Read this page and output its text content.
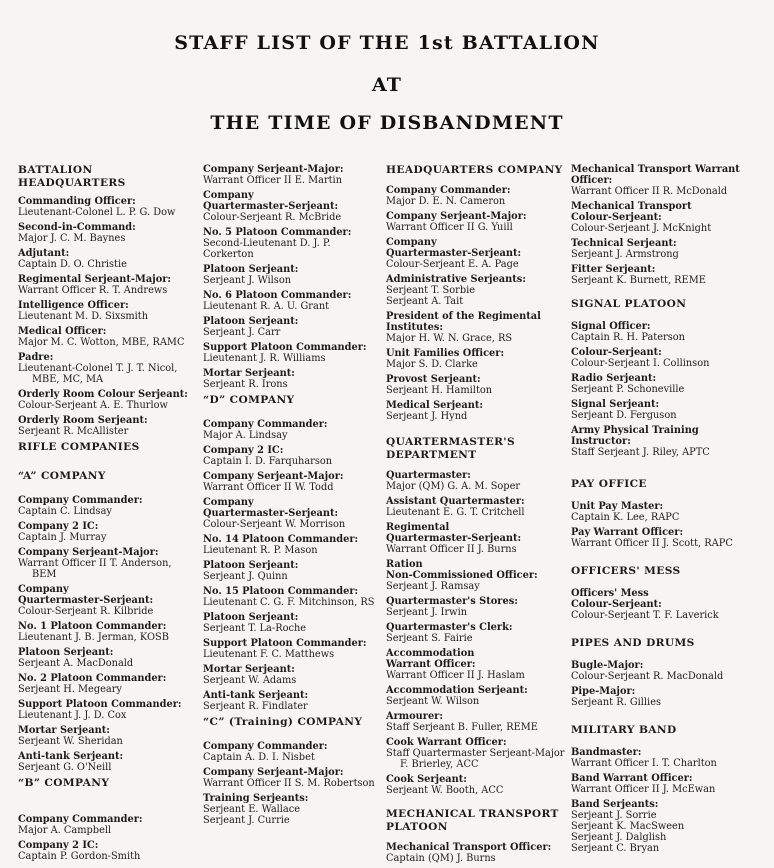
STAFF LIST OF THE 1st BATTALION
AT
THE TIME OF DISBANDMENT
BATTALION
HEADQUARTERS
Commanding Officer:
Lieutenant-Colonel L. P. G. Dow
Second-in-Command:
Major J. C. M. Baynes
Adjutant:
Captain D. O. Christie
Regimental Serjeant-Major:
Warrant Officer R. T. Andrews
Intelligence Officer:
Lieutenant M. D. Sixsmith
Medical Officer:
Major M. C. Wotton, MBE, RAMC
Padre:
Lieutenant-Colonel T. J. T. Nicol,
MBE, MC, MA
Orderly Room Colour Serjeant:
Colour-Serjeant A. E. Thurlow
Orderly Room Serjeant:
Serjeant R. McAllister
RIFLE COMPANIES
“A” COMPANY
Company Commander:
Captain C. Lindsay
Company 2 IC:
Captain J. Murray
Company Serjeant-Major:
Warrant Officer II T. Anderson,
BEM
Company
Quartermaster-Serjeant:
Colour-Serjeant R. Kilbride
No. 1 Platoon Commander:
Lieutenant J. B. Jerman, KOSB
Platoon Serjeant:
Serjeant A. MacDonald
No. 2 Platoon Commander:
Serjeant H. Megeary
Support Platoon Commander:
Lieutenant J. J. D. Cox
Mortar Serjeant:
Serjeant W. Sheridan
Anti-tank Serjeant:
Serjeant G. O'Neill
“B” COMPANY
Company Commander:
Major A. Campbell
Company 2 IC:
Captain P. Gordon-Smith
Company Serjeant-Major:
Warrant Officer II E. Martin
Company
Quartermaster-Serjeant:
Colour-Serjeant R. McBride
No. 5 Platoon Commander:
Second-Lieutenant D. J. P. Corkerton
Platoon Serjeant:
Serjeant J. Wilson
No. 6 Platoon Commander:
Lieutenant R. A. U. Grant
Platoon Serjeant:
Serjeant J. Carr
Support Platoon Commander:
Lieutenant J. R. Williams
Mortar Serjeant:
Serjeant R. Irons
“D” COMPANY
Company Commander:
Major A. Lindsay
Company 2 IC:
Captain I. D. Farquharson
Company Serjeant-Major:
Warrant Officer II W. Todd
Company
Quartermaster-Serjeant:
Colour-Serjeant W. Morrison
No. 14 Platoon Commander:
Lieutenant R. P. Mason
Platoon Serjeant:
Serjeant J. Quinn
No. 15 Platoon Commander:
Lieutenant C. G. F. Mitchinson, RS
Platoon Serjeant:
Serjeant T. La-Roche
Support Platoon Commander:
Lieutenant F. C. Matthews
Mortar Serjeant:
Serjeant W. Adams
Anti-tank Serjeant:
Serjeant R. Findlater
“C” (Training) COMPANY
Company Commander:
Captain A. D. I. Nisbet
Company Serjeant-Major:
Warrant Officer II S. M. Robertson
Training Serjeants:
Serjeant E. Wallace
Serjeant J. Currie
HEADQUARTERS COMPANY
Company Commander:
Major D. E. N. Cameron
Company Serjeant-Major:
Warrant Officer II G. Yuill
Company
Quartermaster-Serjeant:
Colour-Serjeant E. A. Page
Administrative Serjeants:
Serjeant T. Sorbie
Serjeant A. Tait
President of the Regimental
Institutes:
Major H. W. N. Grace, RS
Unit Families Officer:
Major S. D. Clarke
Provost Serjeant:
Serjeant H. Hamilton
Medical Serjeant:
Serjeant J. Hynd
QUARTERMASTER'S
DEPARTMENT
Quartermaster:
Major (QM) G. A. M. Soper
Assistant Quartermaster:
Lieutenant E. G. T. Critchell
Regimental
Quartermaster-Serjeant:
Warrant Officer II J. Burns
Ration
Non-Commissioned Officer:
Serjeant J. Ramsay
Quartermaster's Stores:
Serjeant J. Irwin
Quartermaster's Clerk:
Serjeant S. Fairie
Accommodation
Warrant Officer:
Warrant Officer II J. Haslam
Accommodation Serjeant:
Serjeant W. Wilson
Armourer:
Staff Serjeant B. Fuller, REME
Cook Warrant Officer:
Staff Quartermaster Serjeant-Major
F. Brierley, ACC
Cook Serjeant:
Serjeant W. Booth, ACC
MECHANICAL TRANSPORT
PLATOON
Mechanical Transport Officer:
Captain (QM) J. Burns
Mechanical Transport Warrant
Officer:
Warrant Officer II R. McDonald
Mechanical Transport
Colour-Serjeant:
Colour-Serjeant J. McKnight
Technical Serjeant:
Serjeant J. Armstrong
Fitter Serjeant:
Serjeant K. Burnett, REME
SIGNAL PLATOON
Signal Officer:
Captain R. H. Paterson
Colour-Serjeant:
Colour-Serjeant I. Collinson
Radio Serjeant:
Serjeant P. Schoneville
Signal Serjeant:
Serjeant D. Ferguson
Army Physical Training
Instructor:
Staff Serjeant J. Riley, APTC
PAY OFFICE
Unit Pay Master:
Captain K. Lee, RAPC
Pay Warrant Officer:
Warrant Officer II J. Scott, RAPC
OFFICERS' MESS
Officers' Mess
Colour-Serjeant:
Colour-Serjeant T. F. Laverick
PIPES AND DRUMS
Bugle-Major:
Colour-Serjeant R. MacDonald
Pipe-Major:
Serjeant R. Gillies
MILITARY BAND
Bandmaster:
Warrant Officer I. T. Charlton
Band Warrant Officer:
Warrant Officer II J. McEwan
Band Serjeants:
Serjeant J. Sorrie
Serjeant K. MacSween
Serjeant J. Dalglish
Serjeant C. Bryan
